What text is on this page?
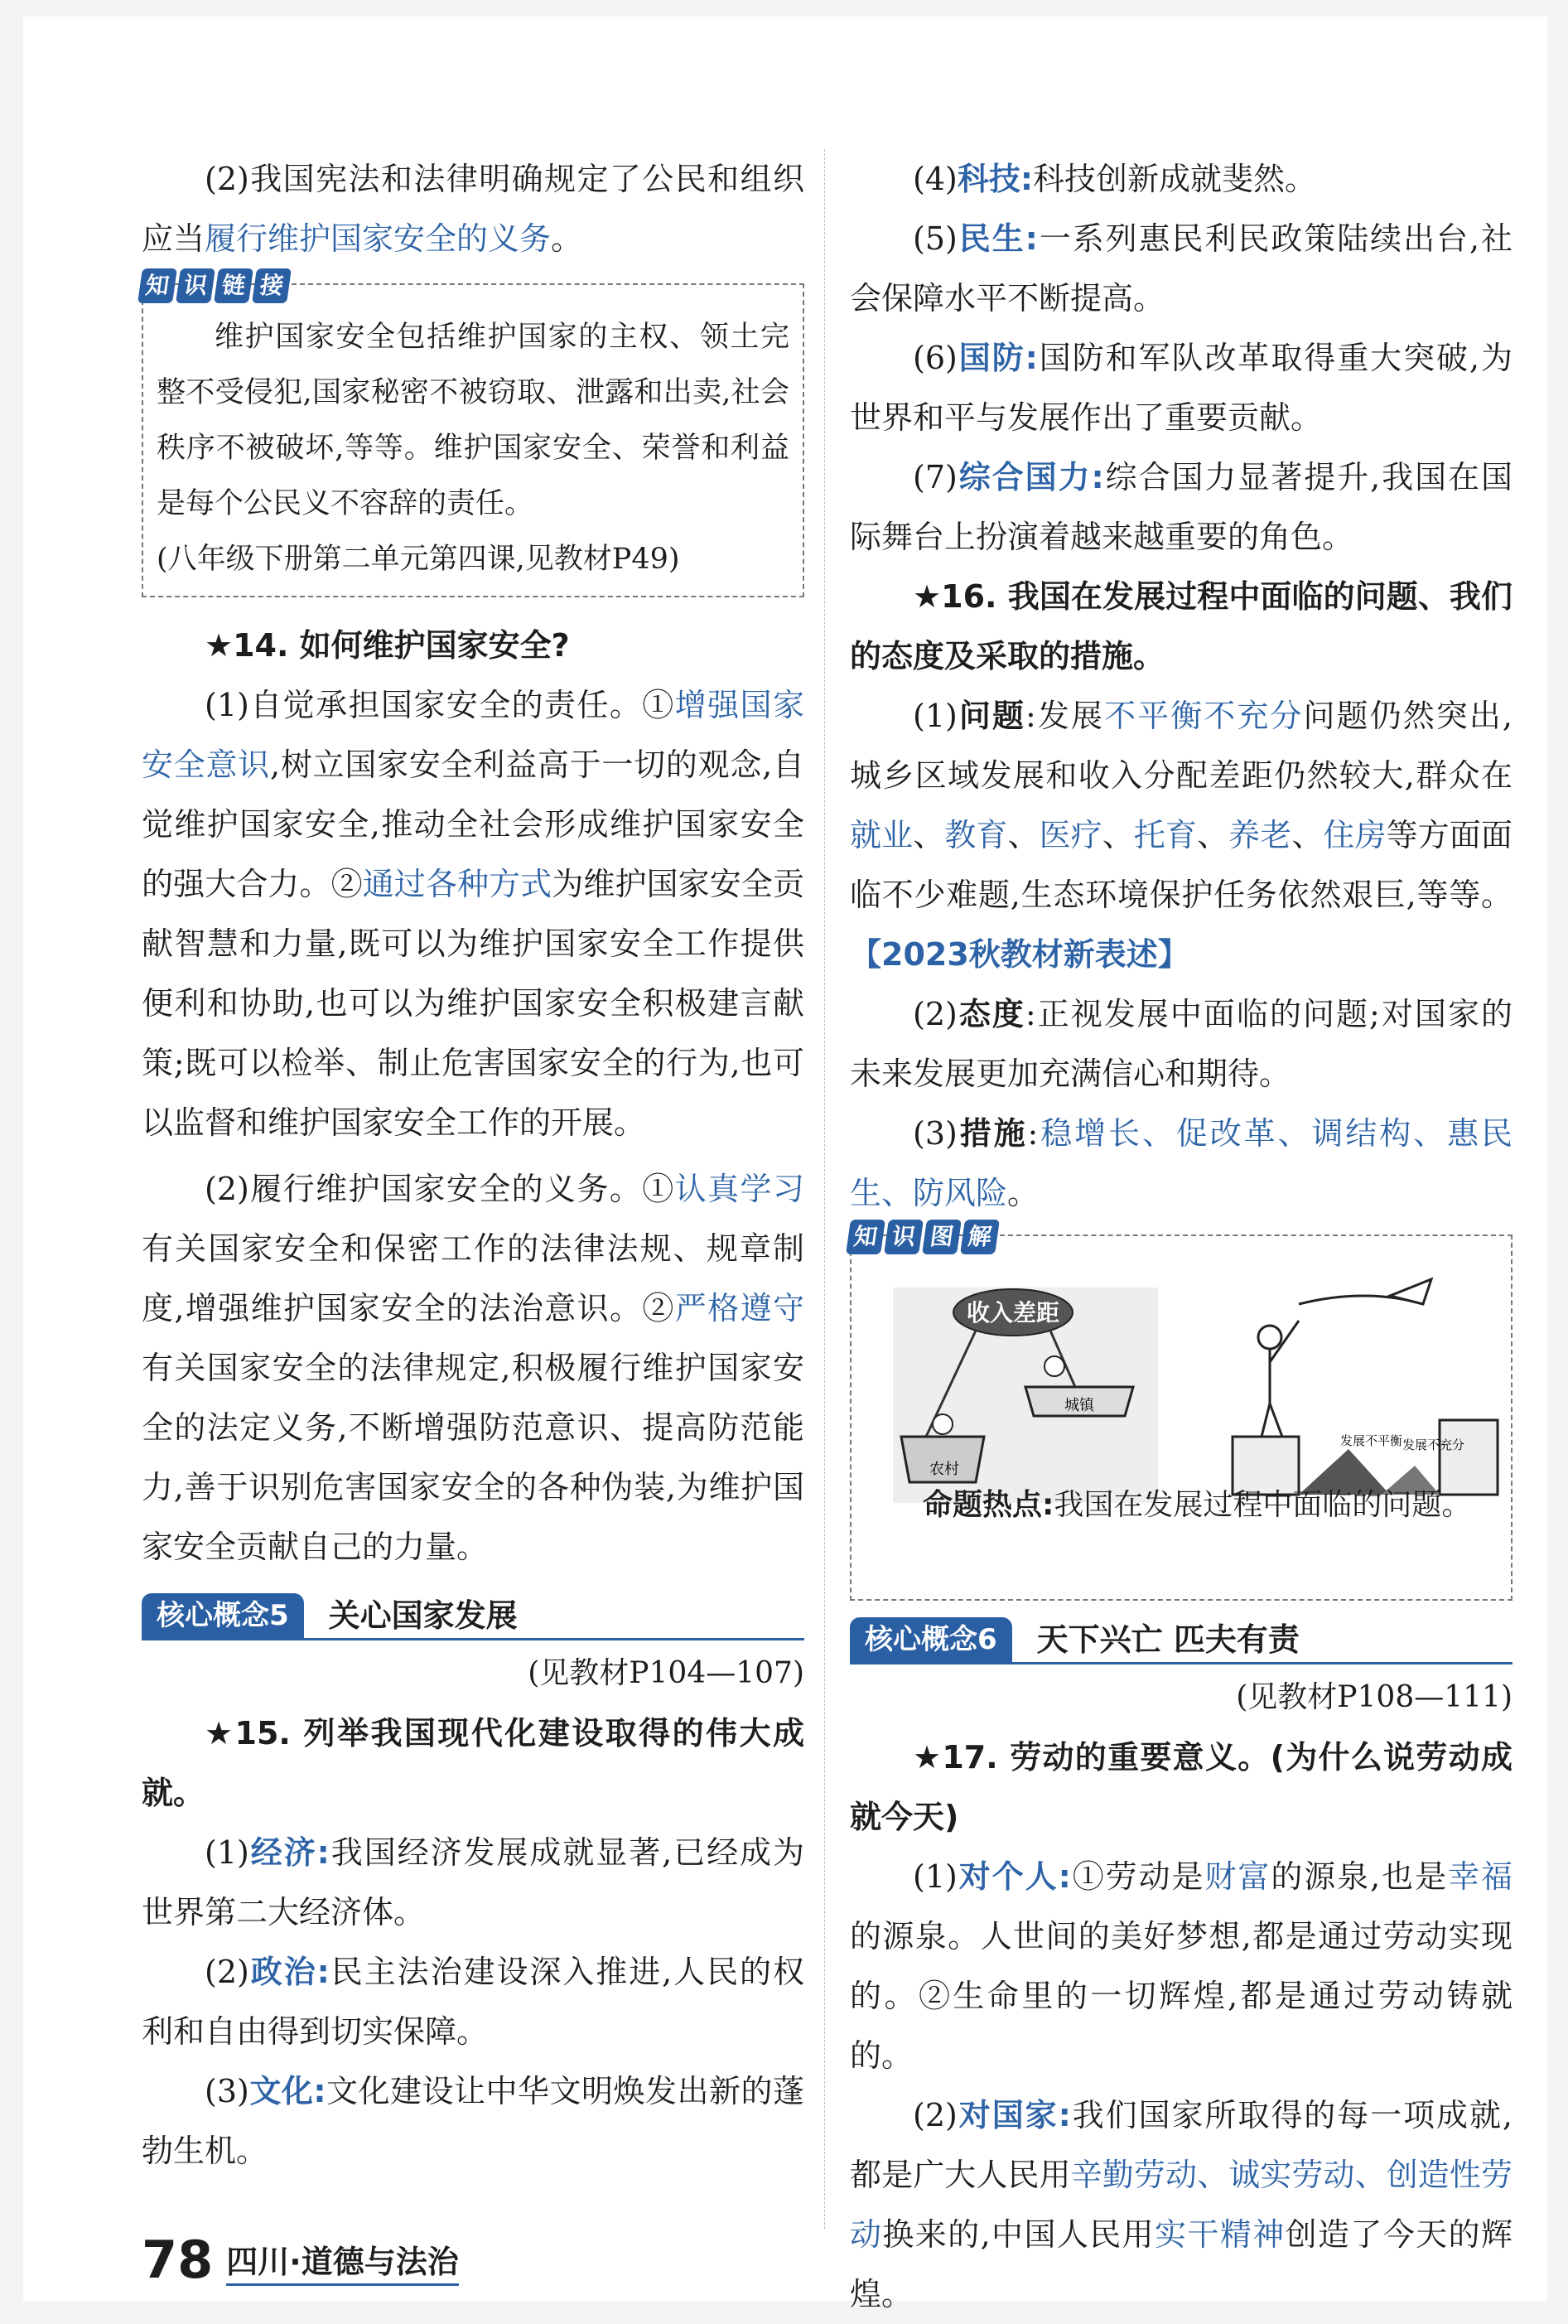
(2)我国宪法和法律明确规定了公民和组织应当履行维护国家安全的义务。

知 识 链 接

维护国家安全包括维护国家的主权、领土完整不受侵犯,国家秘密不被窃取、泄露和出卖,社会秩序不被破坏,等等。维护国家安全、荣誉和利益是每个公民义不容辞的责任。

(八年级下册第二单元第四课,见教材P49)

★14. 如何维护国家安全?

(1)自觉承担国家安全的责任。①增强国家安全意识,树立国家安全利益高于一切的观念,自觉维护国家安全,推动全社会形成维护国家安全的强大合力。②通过各种方式为维护国家安全贡献智慧和力量,既可以为维护国家安全工作提供便利和协助,也可以为维护国家安全积极建言献策;既可以检举、制止危害国家安全的行为,也可以监督和维护国家安全工作的开展。

(2)履行维护国家安全的义务。①认真学习有关国家安全和保密工作的法律法规、规章制度,增强维护国家安全的法治意识。②严格遵守有关国家安全的法律规定,积极履行维护国家安全的法定义务,不断增强防范意识、提高防范能力,善于识别危害国家安全的各种伪装,为维护国家安全贡献自己的力量。

核心概念5	关心国家发展

(见教材P104—107)

★15. 列举我国现代化建设取得的伟大成就。

(1)经济:我国经济发展成就显著,已经成为世界第二大经济体。

(2)政治:民主法治建设深入推进,人民的权利和自由得到切实保障。

(3)文化:文化建设让中华文明焕发出新的蓬勃生机。

(4)科技:科技创新成就斐然。

(5)民生:一系列惠民利民政策陆续出台,社会保障水平不断提高。

(6)国防:国防和军队改革取得重大突破,为世界和平与发展作出了重要贡献。

(7)综合国力:综合国力显著提升,我国在国际舞台上扮演着越来越重要的角色。

★16. 我国在发展过程中面临的问题、我们的态度及采取的措施。

(1)问题:发展不平衡不充分问题仍然突出,城乡区域发展和收入分配差距仍然较大,群众在就业、教育、医疗、托育、养老、住房等方面面临不少难题,生态环境保护任务依然艰巨,等等。【2023秋教材新表述】

(2)态度:正视发展中面临的问题;对国家的未来发展更加充满信心和期待。

(3)措施:稳增长、促改革、调结构、惠民生、防风险。

知 识 图 解
收入差距
农村
城镇
发展不平衡 发展不充分

命题热点:我国在发展过程中面临的问题。

核心概念6	天下兴亡 匹夫有责

(见教材P108—111)

★17. 劳动的重要意义。(为什么说劳动成就今天)

(1)对个人:①劳动是财富的源泉,也是幸福的源泉。人世间的美好梦想,都是通过劳动实现的。②生命里的一切辉煌,都是通过劳动铸就的。

(2)对国家:我们国家所取得的每一项成就,都是广大人民用辛勤劳动、诚实劳动、创造性劳动换来的,中国人民用实干精神创造了今天的辉煌。

78 四川·道德与法治
